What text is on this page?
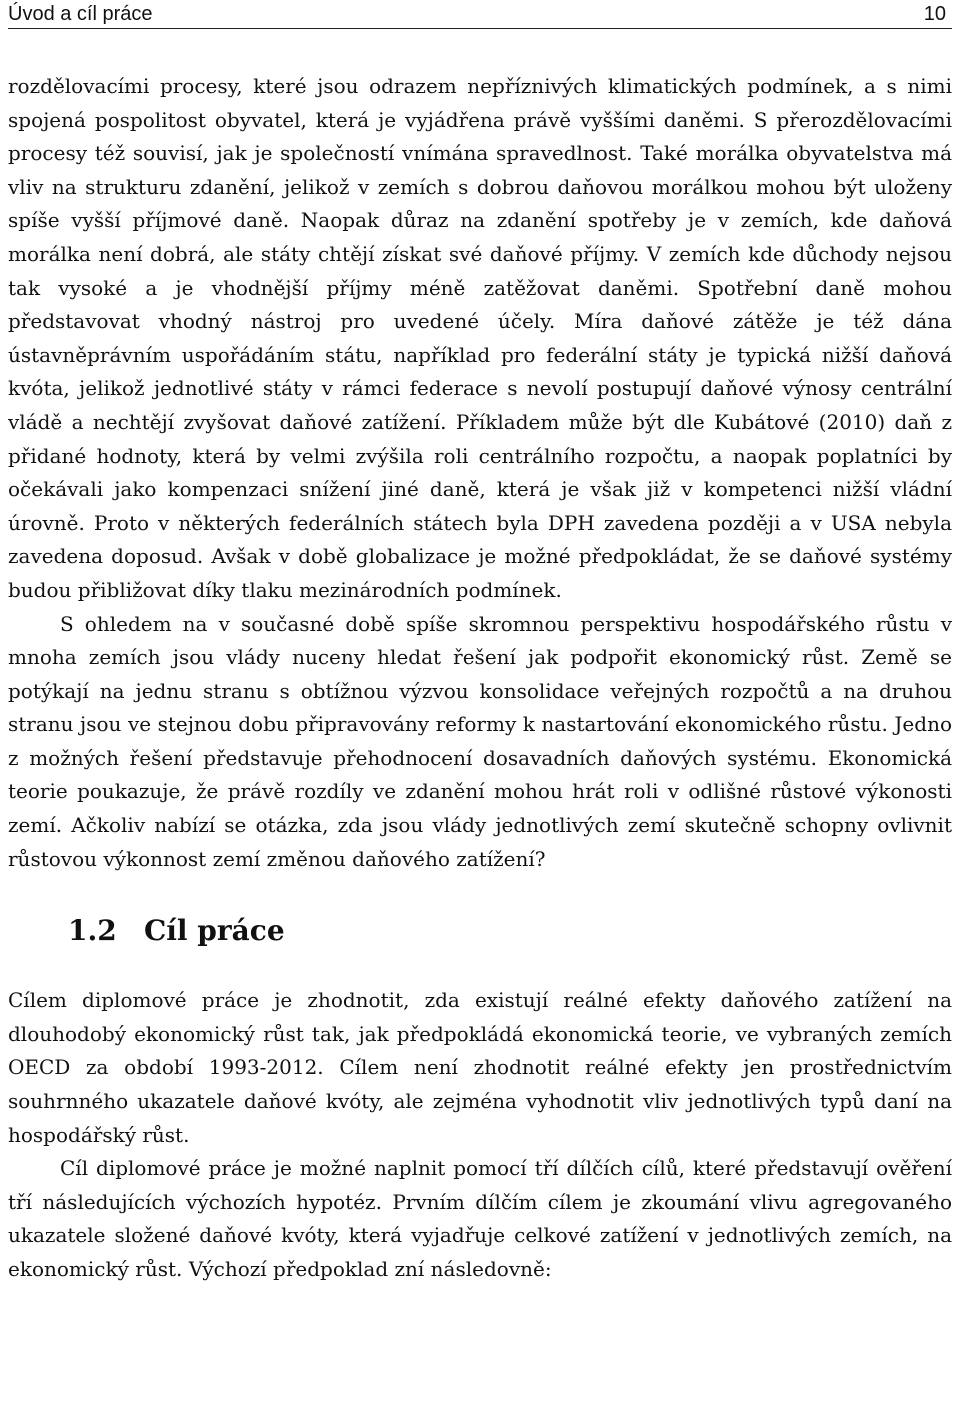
Úvod a cíl práce	10

rozdělovacími procesy, které jsou odrazem nepříznivých klimatických podmínek, a s nimi spojená pospolitost obyvatel, která je vyjádřena právě vyššími daněmi. S přerozdělovacími procesy též souvisí, jak je společností vnímána spravedlnost. Také morálka obyvatelstva má vliv na strukturu zdanění, jelikož v zemích s dobrou daňovou morálkou mohou být uloženy spíše vyšší příjmové daně. Naopak důraz na zdanění spotřeby je v zemích, kde daňová morálka není dobrá, ale státy chtějí získat své daňové příjmy. V zemích kde důchody nejsou tak vysoké a je vhodnější příjmy méně zatěžovat daněmi. Spotřební daně mohou představovat vhodný nástroj pro uvedené účely. Míra daňové zátěže je též dána ústavněprávním uspořádáním státu, například pro federální státy je typická nižší daňová kvóta, jelikož jednotlivé státy v rámci federace s nevolí postupují daňové výnosy centrální vládě a nechtějí zvyšovat daňové zatížení. Příkladem může být dle Kubátové (2010) daň z přidané hodnoty, která by velmi zvýšila roli centrálního rozpočtu, a naopak poplatníci by očekávali jako kompenzaci snížení jiné daně, která je však již v kompetenci nižší vládní úrovně. Proto v některých federálních státech byla DPH zavedena později a v USA nebyla zavedena doposud. Avšak v době globalizace je možné předpokládat, že se daňové systémy budou přibližovat díky tlaku mezinárodních podmínek.

S ohledem na v současné době spíše skromnou perspektivu hospodářského růstu v mnoha zemích jsou vlády nuceny hledat řešení jak podpořit ekonomický růst. Země se potýkají na jednu stranu s obtížnou výzvou konsolidace veřejných rozpočtů a na druhou stranu jsou ve stejnou dobu připravovány reformy k nastartování ekonomického růstu. Jedno z možných řešení představuje přehodnocení dosavadních daňových systému. Ekonomická teorie poukazuje, že právě rozdíly ve zdanění mohou hrát roli v odlišné růstové výkonosti zemí. Ačkoliv nabízí se otázka, zda jsou vlády jednotlivých zemí skutečně schopny ovlivnit růstovou výkonnost zemí změnou daňového zatížení?

1.2 Cíl práce

Cílem diplomové práce je zhodnotit, zda existují reálné efekty daňového zatížení na dlouhodobý ekonomický růst tak, jak předpokládá ekonomická teorie, ve vybraných zemích OECD za období 1993-2012. Cílem není zhodnotit reálné efekty jen prostřednictvím souhrnného ukazatele daňové kvóty, ale zejména vyhodnotit vliv jednotlivých typů daní na hospodářský růst.

Cíl diplomové práce je možné naplnit pomocí tří dílčích cílů, které představují ověření tří následujících výchozích hypotéz. Prvním dílčím cílem je zkoumání vlivu agregovaného ukazatele složené daňové kvóty, která vyjadřuje celkové zatížení v jednotlivých zemích, na ekonomický růst. Výchozí předpoklad zní následovně:
